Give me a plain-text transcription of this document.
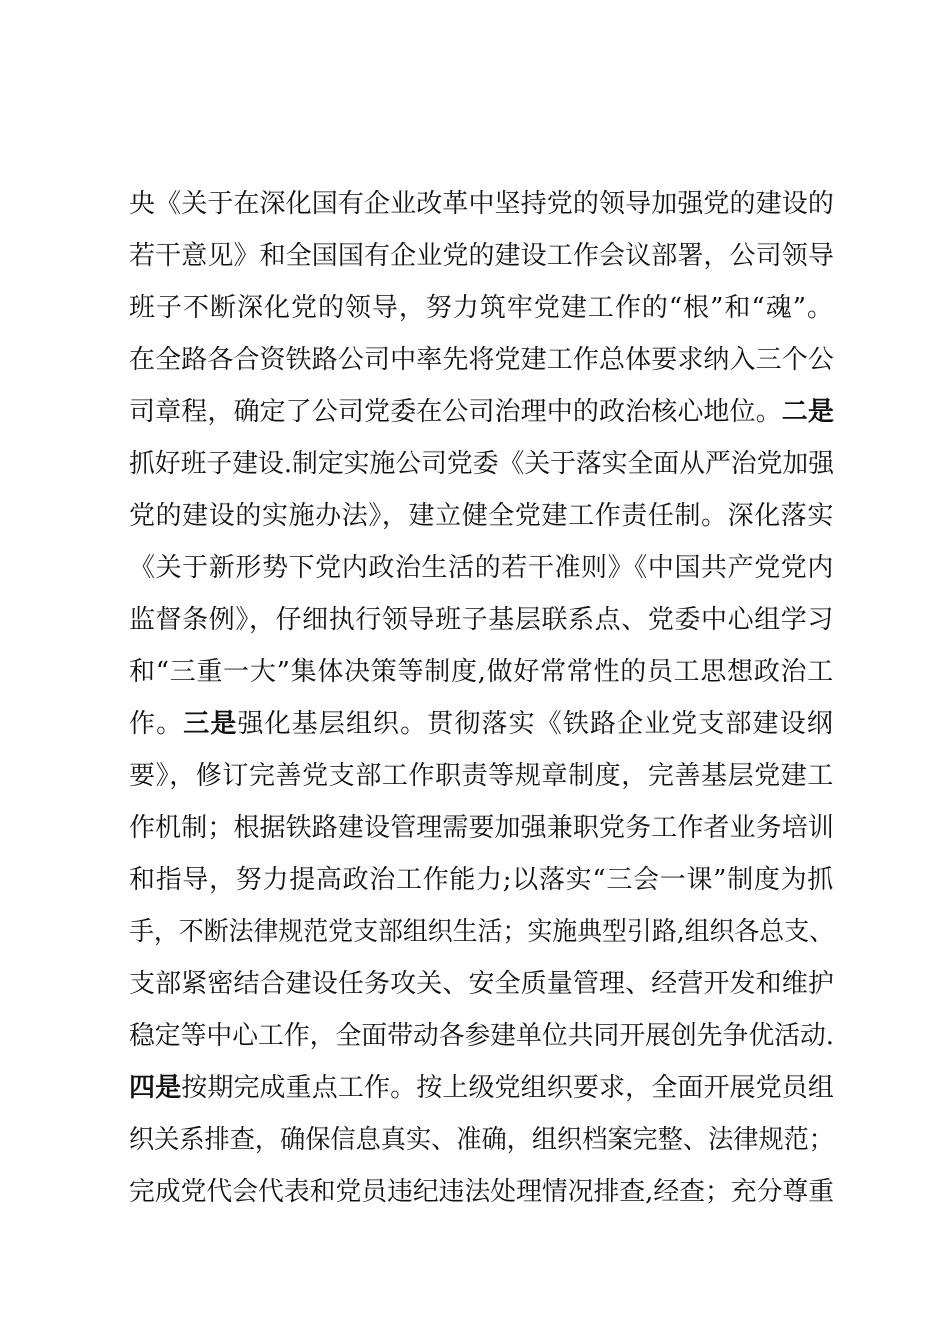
央《关于在深化国有企业改革中坚持党的领导加强党的建设的
若干意见》和全国国有企业党的建设工作会议部署，公司领导
班子不断深化党的领导，努力筑牢党建工作的“根”和“魂”。
在全路各合资铁路公司中率先将党建工作总体要求纳入三个公
司章程，确定了公司党委在公司治理中的政治核心地位。二是
抓好班子建设.制定实施公司党委《关于落实全面从严治党加强
党的建设的实施办法》，建立健全党建工作责任制。深化落实
《关于新形势下党内政治生活的若干准则》《中国共产党党内
监督条例》，仔细执行领导班子基层联系点、党委中心组学习
和“三重一大”集体决策等制度,做好常常性的员工思想政治工
作。三是强化基层组织。贯彻落实《铁路企业党支部建设纲
要》，修订完善党支部工作职责等规章制度，完善基层党建工
作机制；根据铁路建设管理需要加强兼职党务工作者业务培训
和指导，努力提高政治工作能力;以落实“三会一课”制度为抓
手，不断法律规范党支部组织生活；实施典型引路,组织各总支、
支部紧密结合建设任务攻关、安全质量管理、经营开发和维护
稳定等中心工作，全面带动各参建单位共同开展创先争优活动.
四是按期完成重点工作。按上级党组织要求，全面开展党员组
织关系排查，确保信息真实、准确，组织档案完整、法律规范；
完成党代会代表和党员违纪违法处理情况排查,经查；充分尊重
